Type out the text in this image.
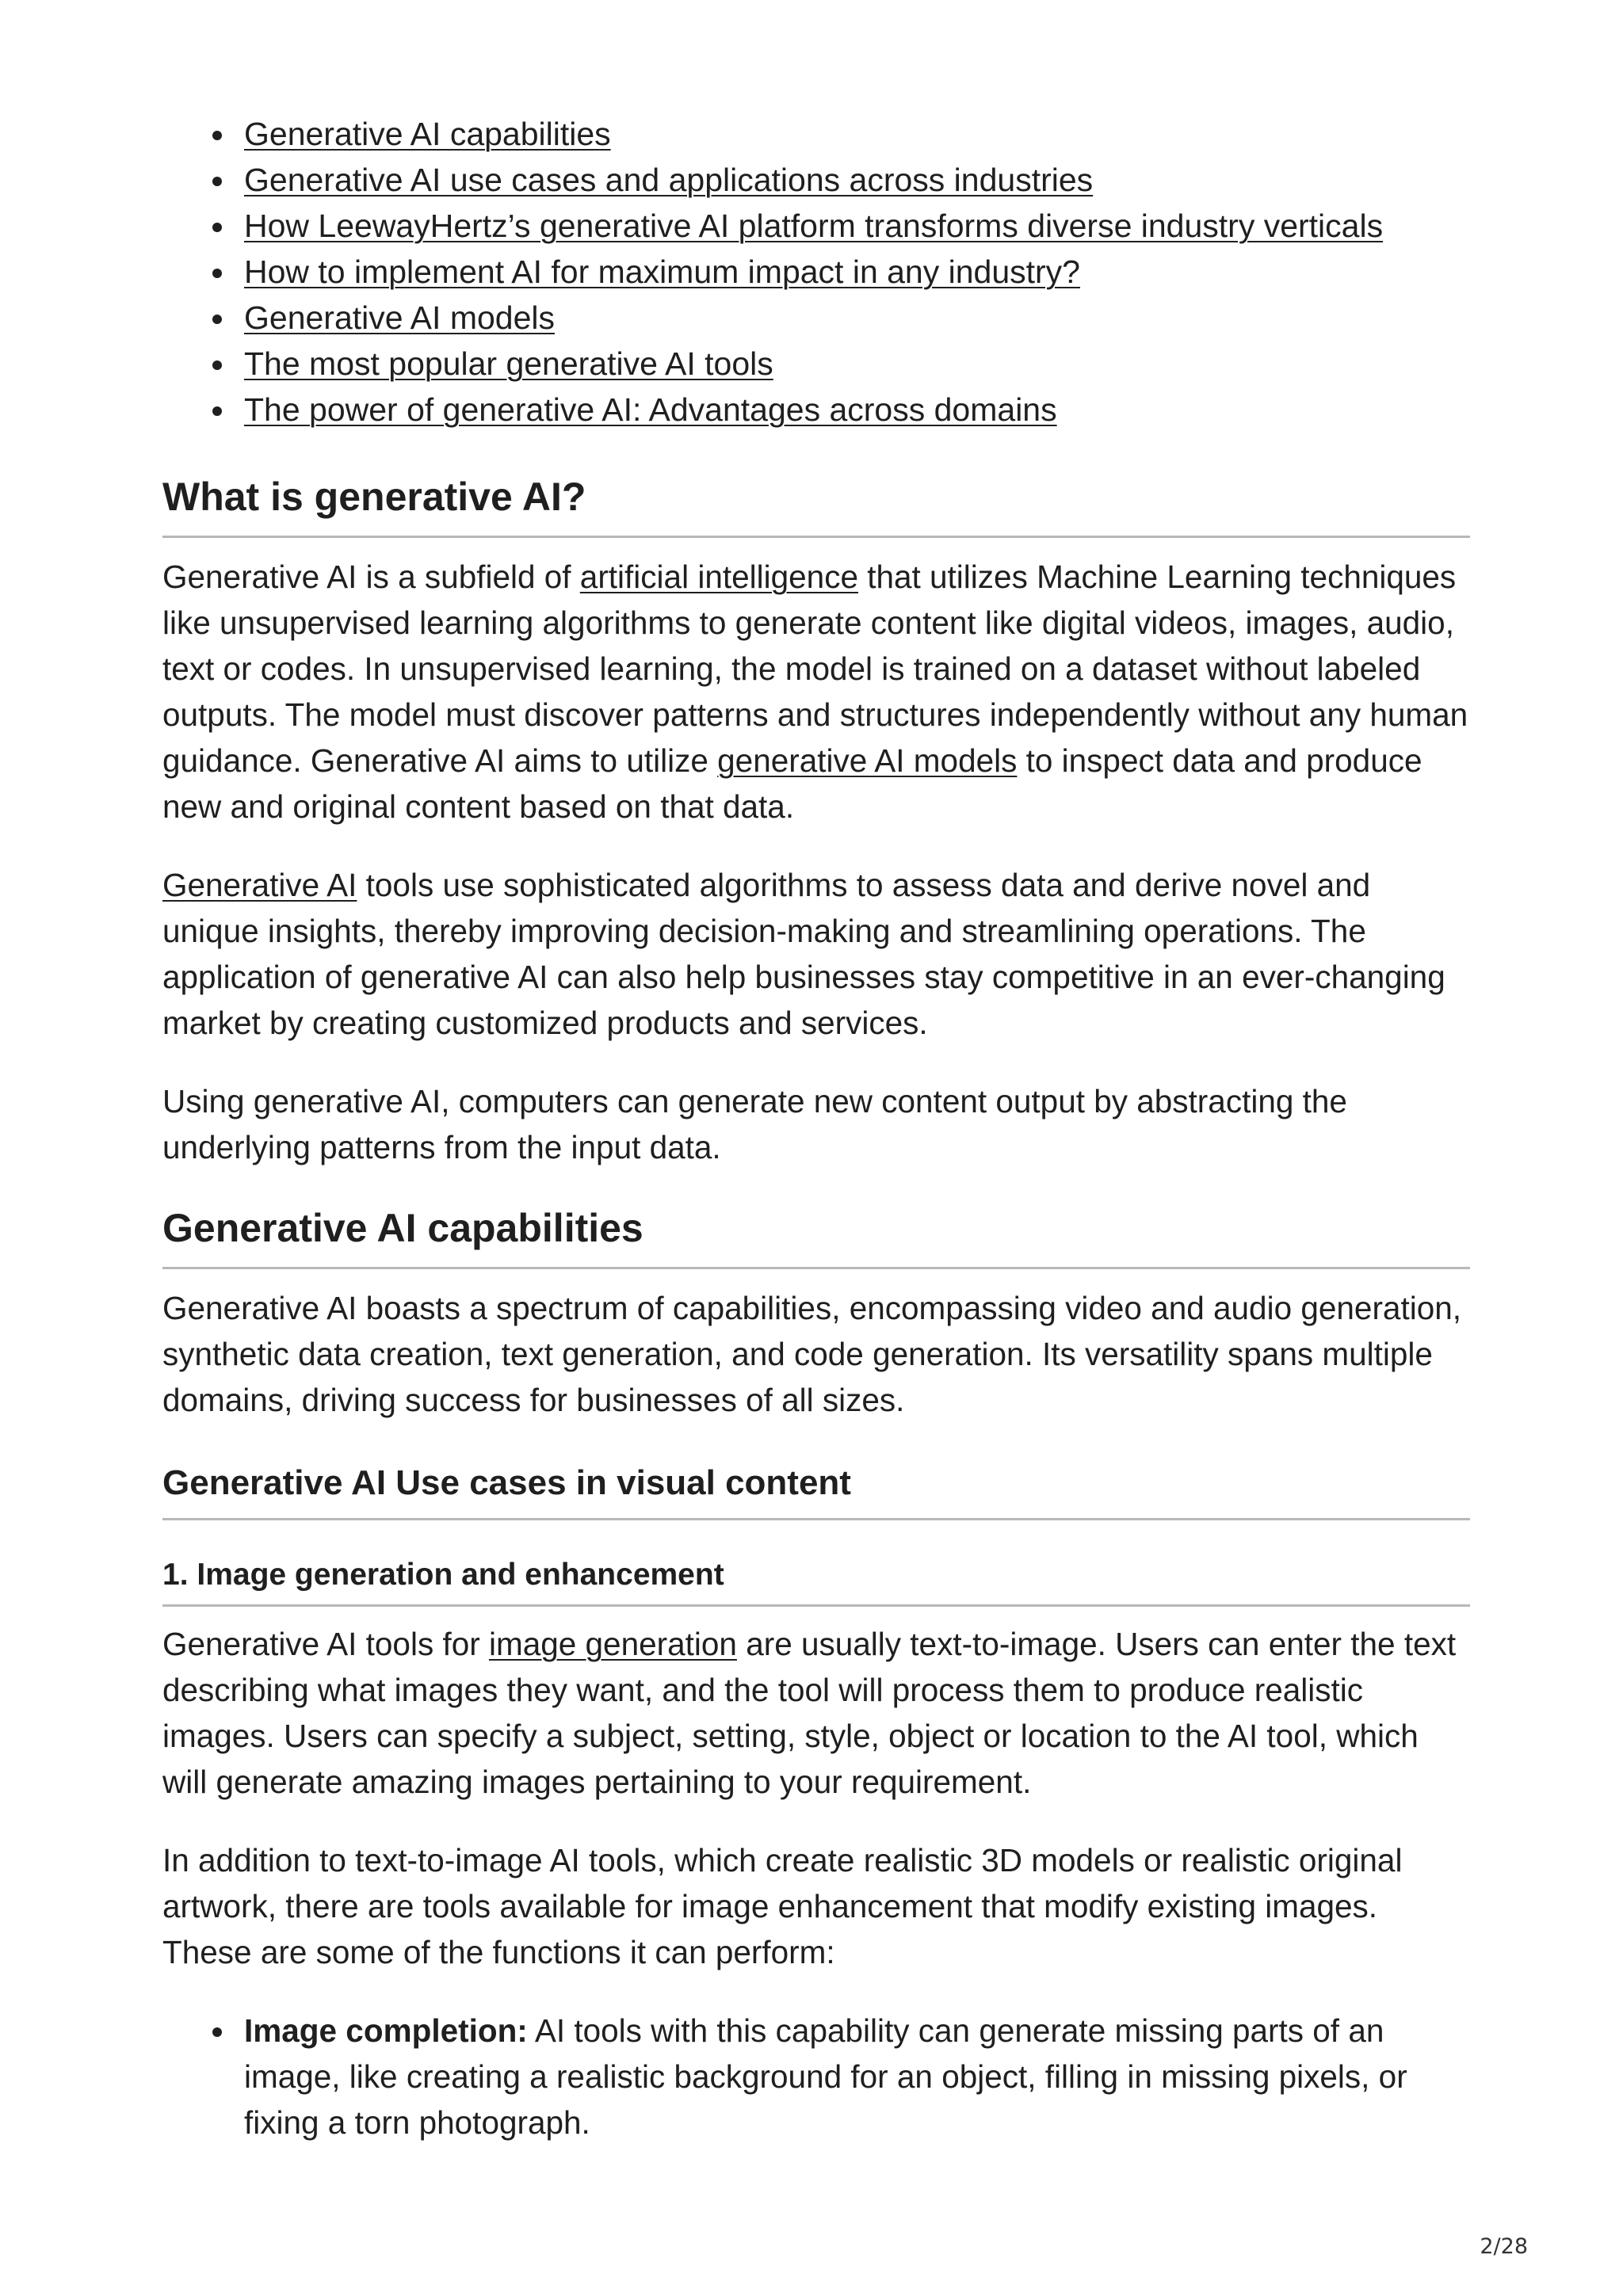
Generative AI capabilities
Generative AI use cases and applications across industries
How LeewayHertz’s generative AI platform transforms diverse industry verticals
How to implement AI for maximum impact in any industry?
Generative AI models
The most popular generative AI tools
The power of generative AI: Advantages across domains
What is generative AI?

Generative AI is a subfield of artificial intelligence that utilizes Machine Learning techniques like unsupervised learning algorithms to generate content like digital videos, images, audio, text or codes. In unsupervised learning, the model is trained on a dataset without labeled outputs. The model must discover patterns and structures independently without any human guidance. Generative AI aims to utilize generative AI models to inspect data and produce new and original content based on that data.

Generative AI tools use sophisticated algorithms to assess data and derive novel and unique insights, thereby improving decision-making and streamlining operations. The application of generative AI can also help businesses stay competitive in an ever-changing market by creating customized products and services.

Using generative AI, computers can generate new content output by abstracting the underlying patterns from the input data.

Generative AI capabilities

Generative AI boasts a spectrum of capabilities, encompassing video and audio generation, synthetic data creation, text generation, and code generation. Its versatility spans multiple domains, driving success for businesses of all sizes.

Generative AI Use cases in visual content
1. Image generation and enhancement

Generative AI tools for image generation are usually text-to-image. Users can enter the text describing what images they want, and the tool will process them to produce realistic images. Users can specify a subject, setting, style, object or location to the AI tool, which will generate amazing images pertaining to your requirement.

In addition to text-to-image AI tools, which create realistic 3D models or realistic original artwork, there are tools available for image enhancement that modify existing images. These are some of the functions it can perform:

Image completion: AI tools with this capability can generate missing parts of an image, like creating a realistic background for an object, filling in missing pixels, or fixing a torn photograph.
2/28
